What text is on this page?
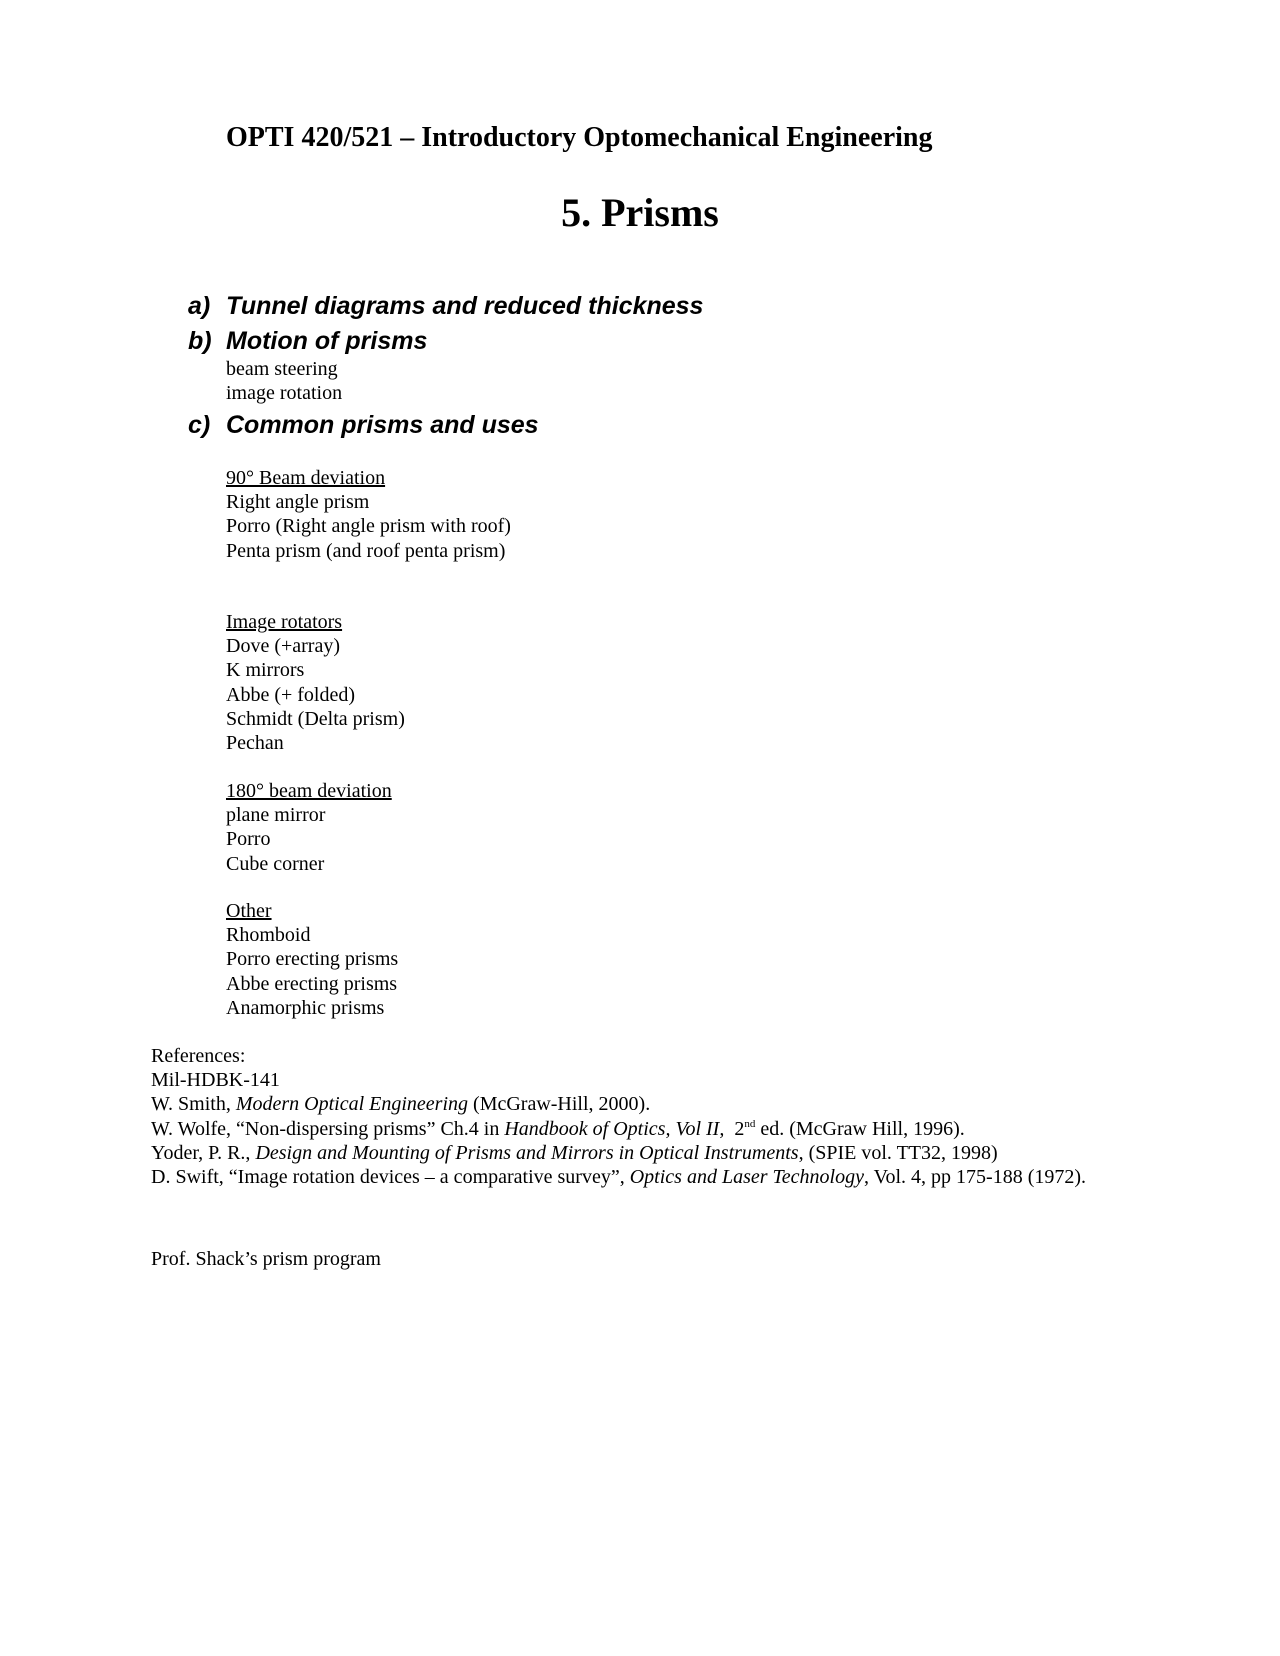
OPTI 420/521 – Introductory Optomechanical Engineering
5. Prisms
a) Tunnel diagrams and reduced thickness
b) Motion of prisms
beam steering
image rotation
c) Common prisms and uses
90° Beam deviation
Right angle prism
Porro (Right angle prism with roof)
Penta prism (and roof penta prism)
Image rotators
Dove (+array)
K mirrors
Abbe (+ folded)
Schmidt (Delta prism)
Pechan
180° beam deviation
plane mirror
Porro
Cube corner
Other
Rhomboid
Porro erecting prisms
Abbe erecting prisms
Anamorphic prisms
References:
Mil-HDBK-141
W. Smith, Modern Optical Engineering (McGraw-Hill, 2000).
W. Wolfe, “Non-dispersing prisms” Ch.4 in Handbook of Optics, Vol II,  2nd ed. (McGraw Hill, 1996).
Yoder, P. R., Design and Mounting of Prisms and Mirrors in Optical Instruments, (SPIE vol. TT32, 1998)
D. Swift, “Image rotation devices – a comparative survey”, Optics and Laser Technology, Vol. 4, pp 175-188 (1972).
Prof. Shack’s prism program
